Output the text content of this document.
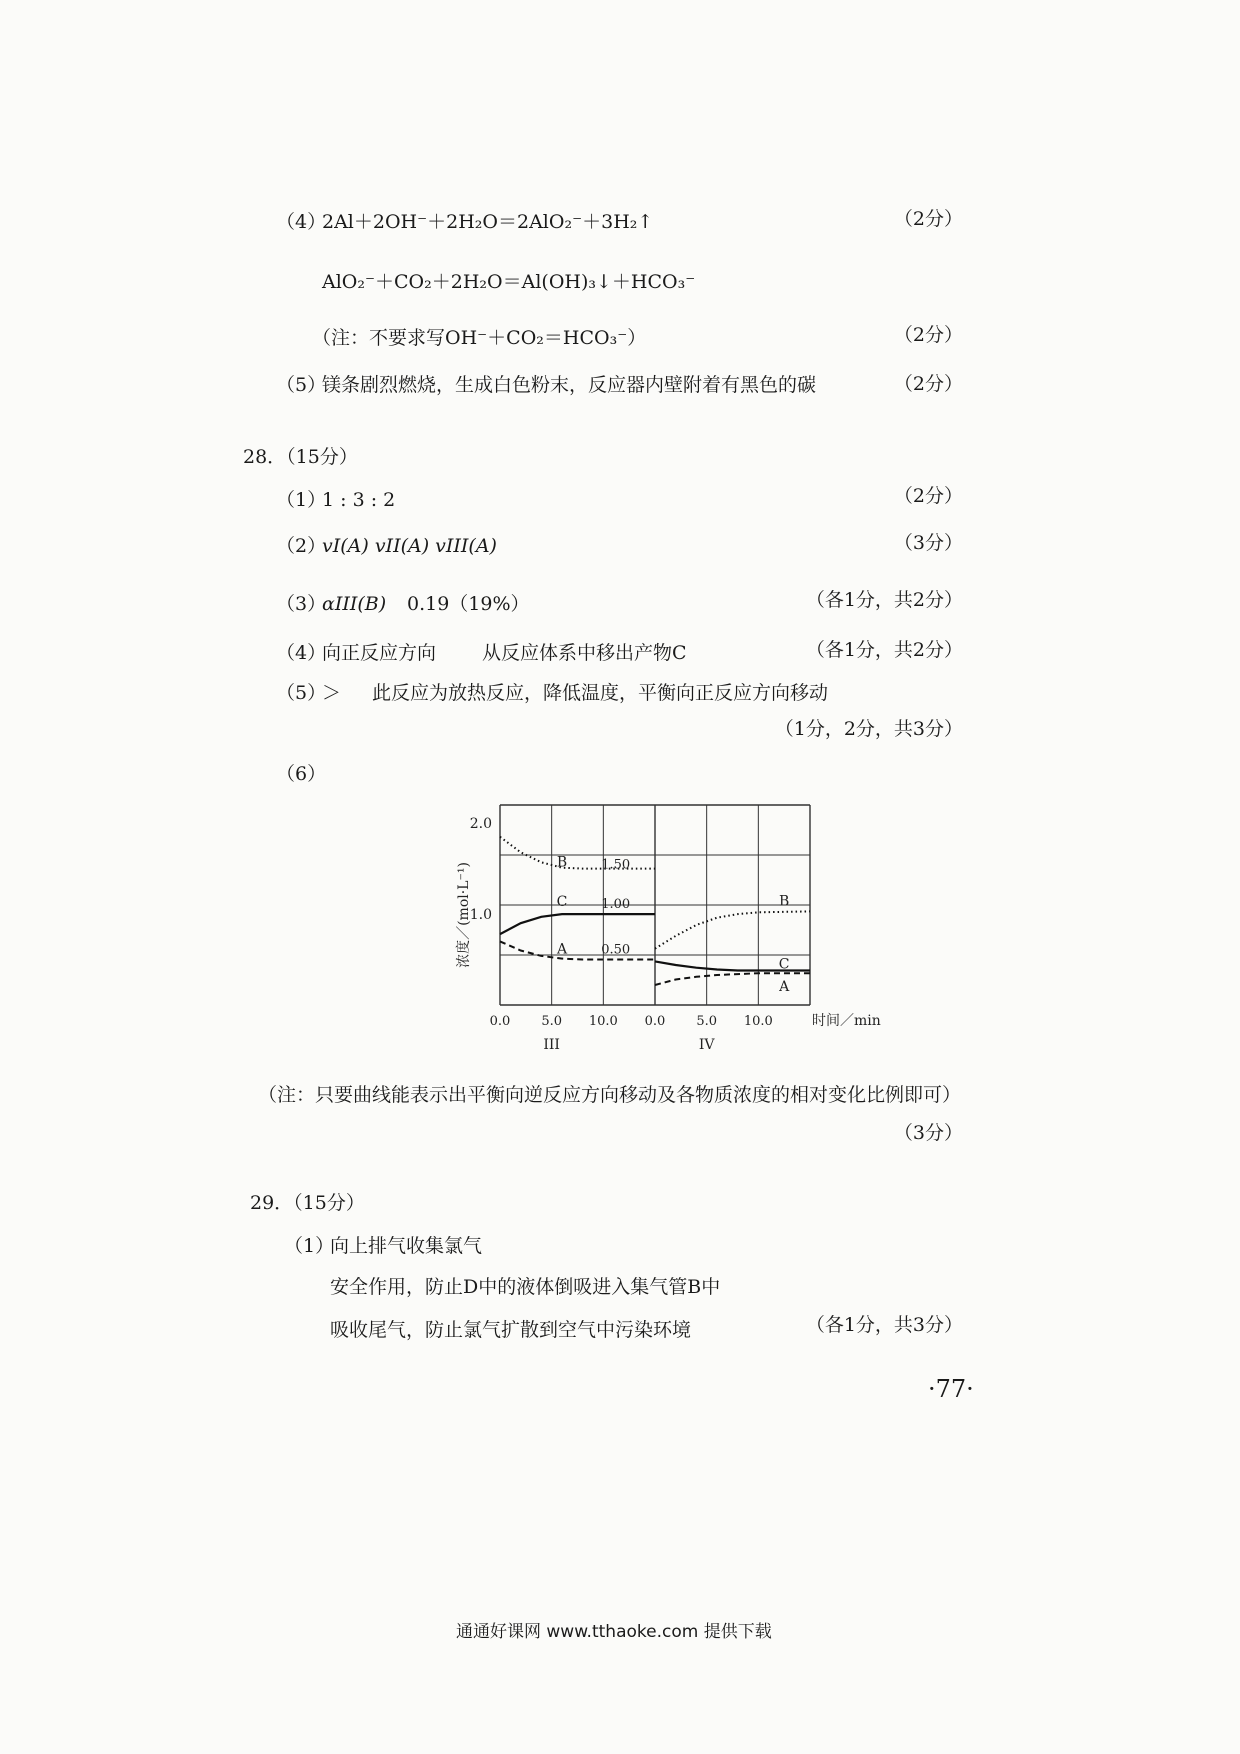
（4）
2Al＋2OH⁻＋2H₂O＝2AlO₂⁻＋3H₂↑	（2分）
AlO₂⁻＋CO₂＋2H₂O＝Al(OH)₃↓＋HCO₃⁻
（注：不要求写OH⁻＋CO₂＝HCO₃⁻）	（2分）
（5）
镁条剧烈燃烧，生成白色粉末，反应器内壁附着有黑色的碳	（2分）
28．（15分）
（1）
1 : 3 : 2	（2分）
（2）
vI(A) vII(A) vIII(A)	（3分）
（3）
αIII(B) 0.19（19%）	（各1分，共2分）
（4）
向正反应方向 从反应体系中移出产物C	（各1分，共2分）
（5）
＞ 此反应为放热反应，降低温度，平衡向正反应方向移动
（1分，2分，共3分）
（6）
1.0
2.0
浓度／(mol·L⁻¹)
0.0 5.0 10.0
III
0.0 5.0 10.0
IV
B
C
A
B
C
A
1.50
1.00
0.50
时间／min
（注：只要曲线能表示出平衡向逆反应方向移动及各物质浓度的相对变化比例即可）
（3分）
29．（15分）
（1）
向上排气收集氯气
安全作用，防止D中的液体倒吸进入集气管B中
吸收尾气，防止氯气扩散到空气中污染环境	（各1分，共3分）
·77·
通通好课网 www.tthaoke.com 提供下载
